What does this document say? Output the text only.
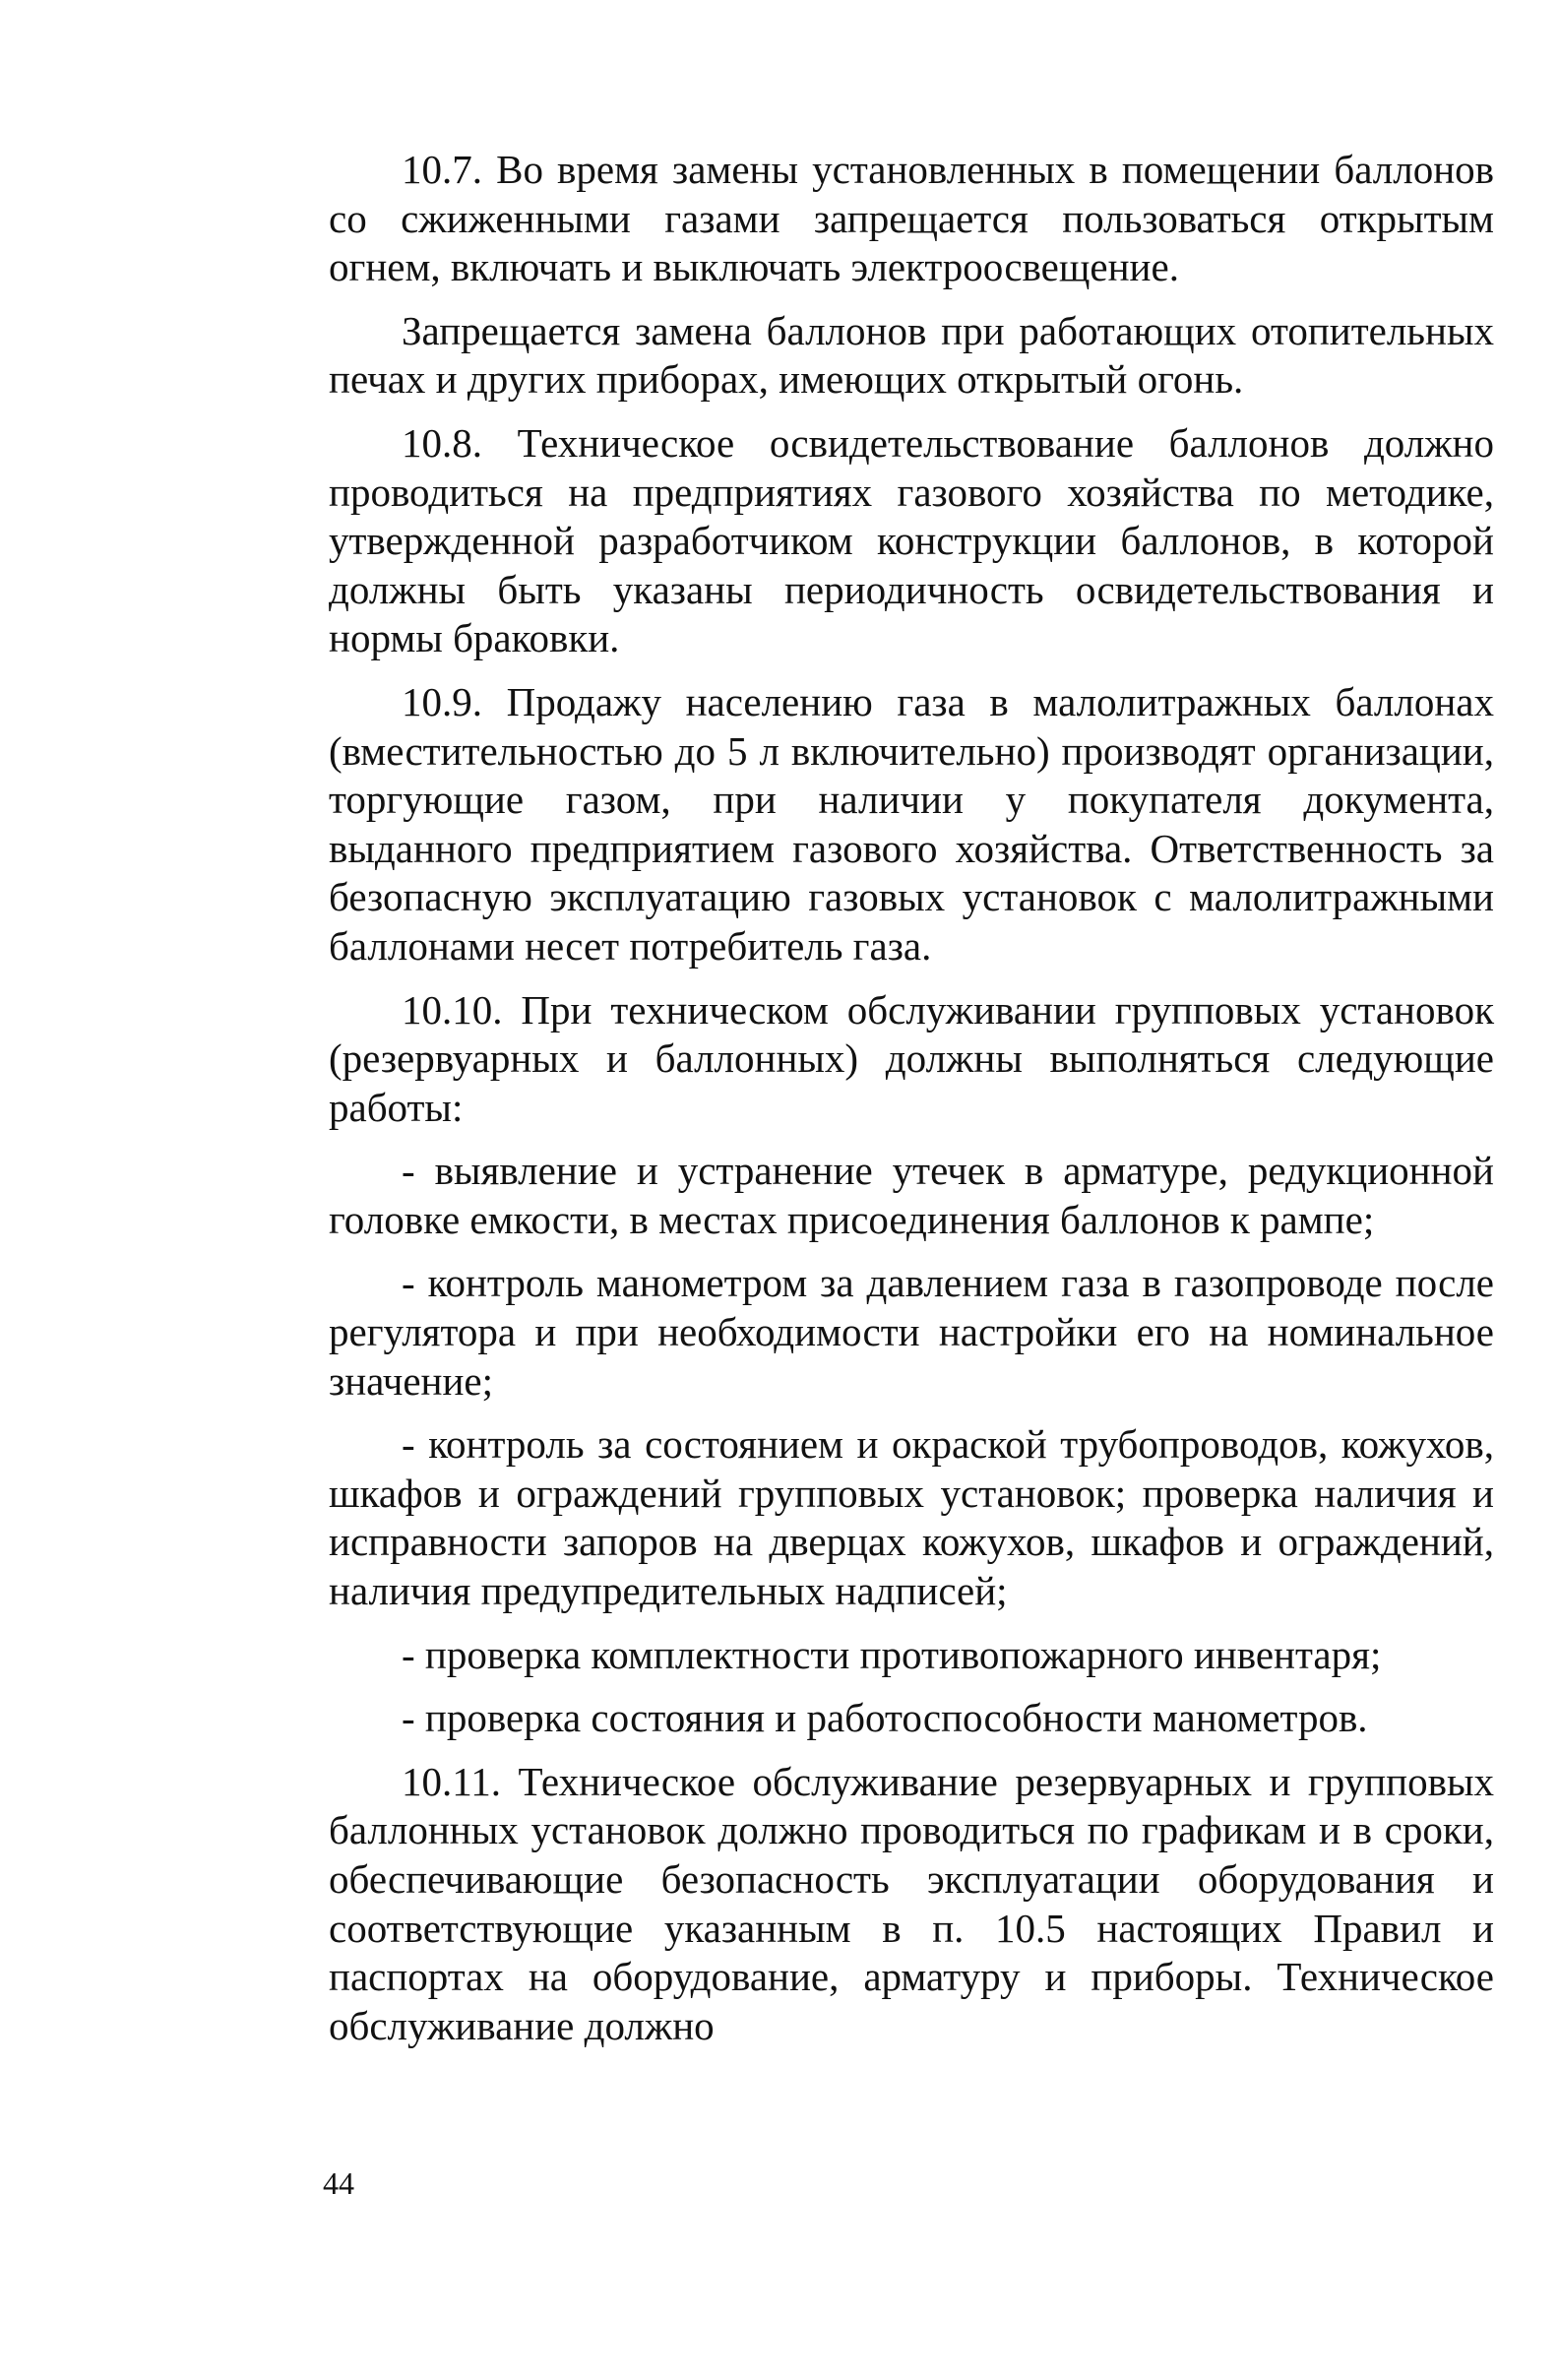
10.7. Во время замены установленных в помещении баллонов со сжиженными газами запрещается пользоваться открытым огнем, включать и выключать электроосвещение.

Запрещается замена баллонов при работающих отопительных печах и других приборах, имеющих открытый огонь.

10.8. Техническое освидетельствование баллонов должно проводиться на предприятиях газового хозяйства по методике, утвержденной разработчиком конструкции баллонов, в которой должны быть указаны периодичность освидетельствования и нормы браковки.

10.9. Продажу населению газа в малолитражных баллонах (вместительностью до 5 л включительно) производят организации, торгующие газом, при наличии у покупателя документа, выданного предприятием газового хозяйства. Ответственность за безопасную эксплуатацию газовых установок с малолитражными баллонами несет потребитель газа.

10.10. При техническом обслуживании групповых установок (резервуарных и баллонных) должны выполняться следующие работы:

- выявление и устранение утечек в арматуре, редукционной головке емкости, в местах присоединения баллонов к рампе;

- контроль манометром за давлением газа в газопроводе после регулятора и при необходимости настройки его на номинальное значение;

- контроль за состоянием и окраской трубопроводов, кожухов, шкафов и ограждений групповых установок; проверка наличия и исправности запоров на дверцах кожухов, шкафов и ограждений, наличия предупредительных надписей;

- проверка комплектности противопожарного инвентаря;

- проверка состояния и работоспособности манометров.

10.11. Техническое обслуживание резервуарных и групповых баллонных установок должно проводиться по графикам и в сроки, обеспечивающие безопасность эксплуатации оборудования и соответствующие указанным в п. 10.5 настоящих Правил и паспортах на оборудование, арматуру и приборы. Техническое обслуживание должно

44
